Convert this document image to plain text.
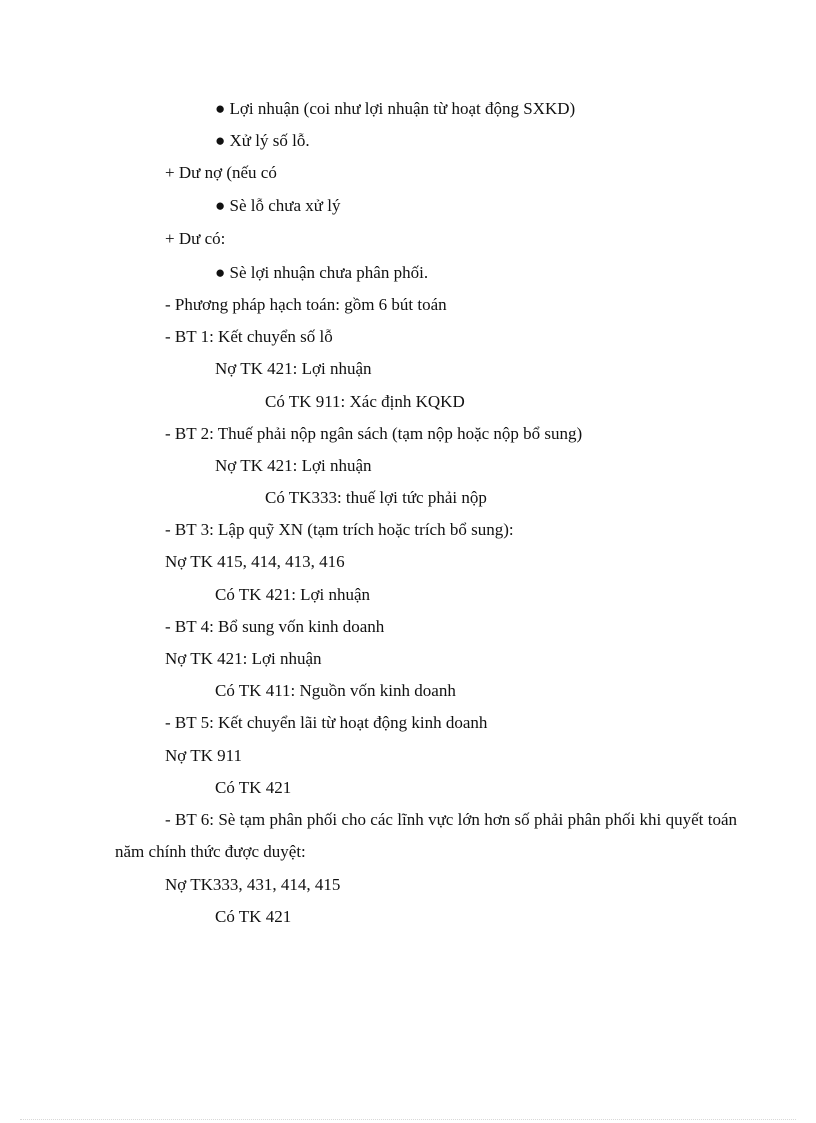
● Lợi nhuận (coi như lợi nhuận từ hoạt động SXKD)
● Xử lý số lỗ.
+ Dư nợ (nếu có
● Sè lỗ chưa xử lý
+ Dư có:
● Sè lợi nhuận chưa phân phối.
- Phương pháp hạch toán: gồm 6 bút toán
- BT 1: Kết chuyển số lỗ
Nợ TK 421: Lợi nhuận
Có TK 911: Xác định KQKD
- BT 2: Thuế phải nộp ngân sách (tạm nộp hoặc nộp bổ sung)
Nợ TK 421: Lợi nhuận
Có TK333: thuế lợi tức phải nộp
- BT 3: Lập quỹ XN (tạm trích hoặc trích bổ sung):
Nợ TK 415, 414, 413, 416
Có TK 421: Lợi nhuận
- BT 4: Bổ sung vốn kinh doanh
Nợ TK 421: Lợi nhuận
Có TK 411: Nguồn vốn kinh doanh
- BT 5: Kết chuyển lãi từ hoạt động kinh doanh
Nợ TK 911
Có TK 421
- BT 6: Sè tạm phân phối cho các lĩnh vực lớn hơn số phải phân phối khi quyết toán năm chính thức được duyệt:
Nợ TK333, 431, 414, 415
Có TK 421
